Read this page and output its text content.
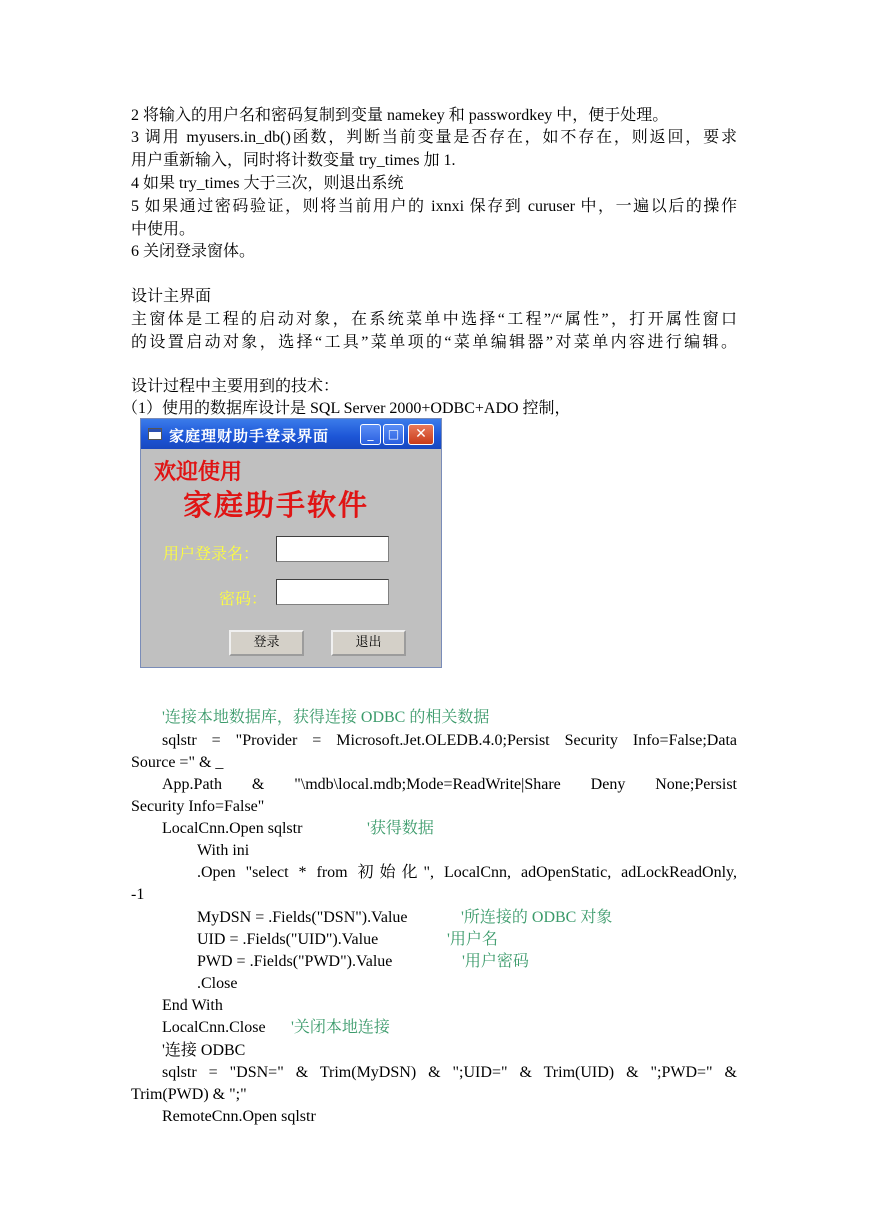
2 将输入的用户名和密码复制到变量 namekey 和 passwordkey 中，便于处理。
3 调用 myusers.in_db()函数，判断当前变量是否存在，如不存在，则返回，要求
用户重新输入，同时将计数变量 try_times 加 1.
4 如果 try_times 大于三次，则退出系统
5 如果通过密码验证，则将当前用户的 ixnxi 保存到 curuser 中，一遍以后的操作
中使用。
6 关闭登录窗体。
设计主界面
主窗体是工程的启动对象，在系统菜单中选择“工程”/“属性”，打开属性窗口
的设置启动对象，选择“工具”菜单项的“菜单编辑器”对菜单内容进行编辑。
设计过程中主要用到的技术：
（1）使用的数据库设计是 SQL Server 2000+ODBC+ADO 控制，
家庭理财助手登录界面	_	□	✕
欢迎使用
家庭助手软件
用户登录名：
密码：
登录	退出
'连接本地数据库，获得连接 ODBC 的相关数据
sqlstr = "Provider = Microsoft.Jet.OLEDB.4.0;Persist Security Info=False;Data
Source =" & _
App.Path & "\mdb\local.mdb;Mode=ReadWrite|Share Deny None;Persist
Security Info=False"
LocalCnn.Open sqlstr	'获得数据
With ini
.Open "select * from 初始化", LocalCnn, adOpenStatic, adLockReadOnly,
-1
MyDSN = .Fields("DSN").Value	'所连接的 ODBC 对象
UID = .Fields("UID").Value	'用户名
PWD = .Fields("PWD").Value	'用户密码
.Close
End With
LocalCnn.Close '关闭本地连接
'连接 ODBC
sqlstr = "DSN=" & Trim(MyDSN) & ";UID=" & Trim(UID) & ";PWD=" &
Trim(PWD) & ";"
RemoteCnn.Open sqlstr
